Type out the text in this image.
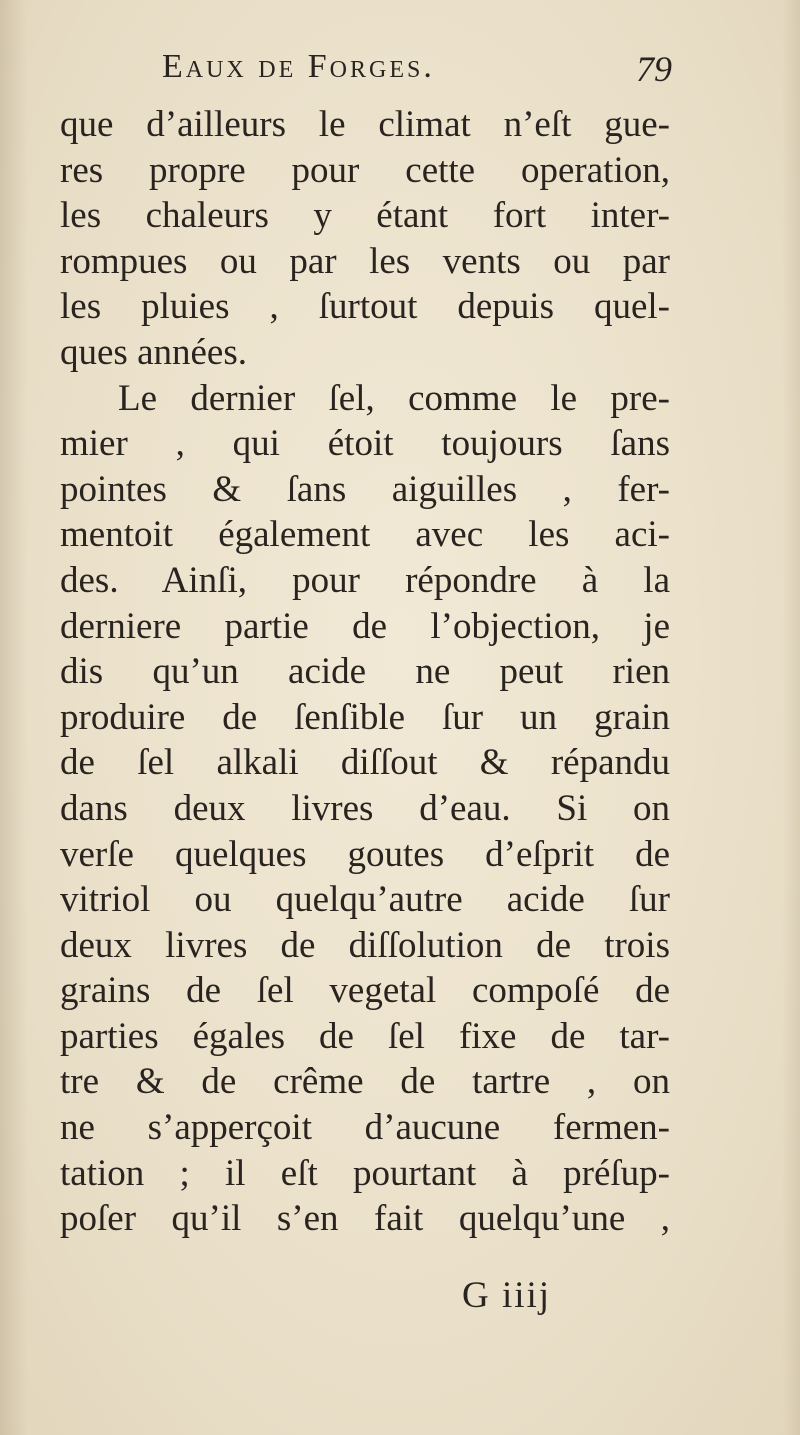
Eaux de Forges.	79
que d’ailleurs le climat n’eſt gue-
res propre pour cette operation,
les chaleurs y étant fort inter-
rompues ou par les vents ou par
les pluies , ſurtout depuis quel-
ques années.
Le dernier ſel, comme le pre-
mier , qui étoit toujours ſans
pointes & ſans aiguilles , fer-
mentoit également avec les aci-
des. Ainſi, pour répondre à la
derniere partie de l’objection, je
dis qu’un acide ne peut rien
produire de ſenſible ſur un grain
de ſel alkali diſſout & répandu
dans deux livres d’eau. Si on
verſe quelques goutes d’eſprit de
vitriol ou quelqu’autre acide ſur
deux livres de diſſolution de trois
grains de ſel vegetal compoſé de
parties égales de ſel fixe de tar-
tre & de crême de tartre , on
ne s’apperçoit d’aucune fermen-
tation ; il eſt pourtant à préſup-
poſer qu’il s’en fait quelqu’une ,
G iiij
